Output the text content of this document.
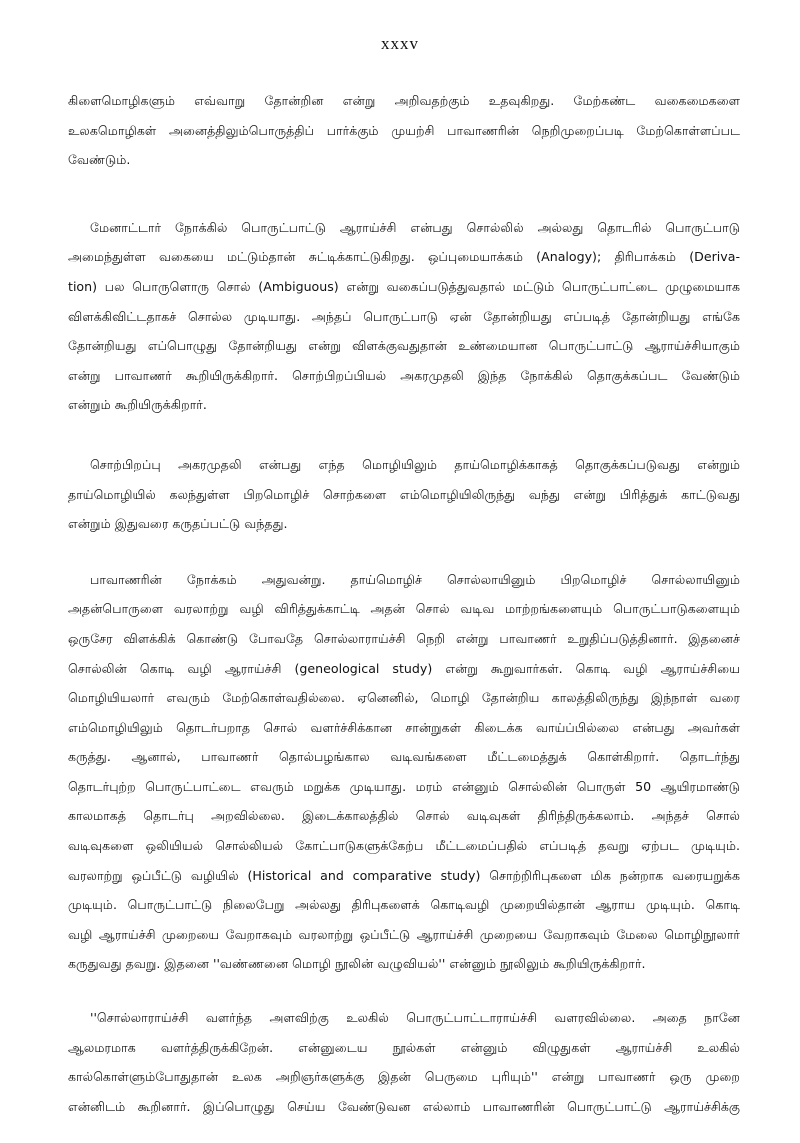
xxxv
கிளைமொழிகளும் எவ்வாறு தோன்றின என்று அறிவதற்கும் உதவுகிறது. மேற்கண்ட வகைமைகளை
உலகமொழிகள் அனைத்திலும்பொருத்திப் பார்க்கும் முயற்சி பாவாணரின் நெறிமுறைப்படி மேற்கொள்ளப்பட
வேண்டும்.
மேனாட்டார் நோக்கில் பொருட்பாட்டு ஆராய்ச்சி என்பது சொல்லில் அல்லது தொடரில் பொருட்பாடு
அமைந்துள்ள வகையை மட்டும்தான் சுட்டிக்காட்டுகிறது. ஒப்புமையாக்கம் (Analogy); திரிபாக்கம் (Deriva-
tion) பல பொருளொரு சொல் (Ambiguous) என்று வகைப்படுத்துவதால் மட்டும் பொருட்பாட்டை முழுமையாக
விளக்கிவிட்டதாகச் சொல்ல முடியாது. அந்தப் பொருட்பாடு ஏன் தோன்றியது எப்படித் தோன்றியது எங்கே
தோன்றியது எப்பொழுது தோன்றியது என்று விளக்குவதுதான் உண்மையான பொருட்பாட்டு ஆராய்ச்சியாகும்
என்று பாவாணர் கூறியிருக்கிறார். சொற்பிறப்பியல் அகரமுதலி இந்த நோக்கில் தொகுக்கப்பட வேண்டும்
என்றும் கூறியிருக்கிறார்.
சொற்பிறப்பு அகரமுதலி என்பது எந்த மொழியிலும் தாய்மொழிக்காகத் தொகுக்கப்படுவது என்றும்
தாய்மொழியில் கலந்துள்ள பிறமொழிச் சொற்களை எம்மொழியிலிருந்து வந்து என்று பிரித்துக் காட்டுவது
என்றும் இதுவரை கருதப்பட்டு வந்தது.
பாவாணரின் நோக்கம் அதுவன்று. தாய்மொழிச் சொல்லாயினும் பிறமொழிச் சொல்லாயினும்
அதன்பொருளை வரலாற்று வழி விரித்துக்காட்டி அதன் சொல் வடிவ மாற்றங்களையும் பொருட்பாடுகளையும்
ஒருசேர விளக்கிக் கொண்டு போவதே சொல்லாராய்ச்சி நெறி என்று பாவாணர் உறுதிப்படுத்தினார். இதனைச்
சொல்லின் கொடி வழி ஆராய்ச்சி (geneological study) என்று கூறுவார்கள். கொடி வழி ஆராய்ச்சியை
மொழியியலார் எவரும் மேற்கொள்வதில்லை. ஏனெனில், மொழி தோன்றிய காலத்திலிருந்து இந்நாள் வரை
எம்மொழியிலும் தொடர்பறாத சொல் வளர்ச்சிக்கான சான்றுகள் கிடைக்க வாய்ப்பில்லை என்பது அவர்கள்
கருத்து. ஆனால், பாவாணர் தொல்பழங்கால வடிவங்களை மீட்டமைத்துக் கொள்கிறார். தொடர்ந்து
தொடர்புற்ற பொருட்பாட்டை எவரும் மறுக்க முடியாது. மரம் என்னும் சொல்லின் பொருள் 50 ஆயிரமாண்டு
காலமாகத் தொடர்பு அறவில்லை. இடைக்காலத்தில் சொல் வடிவுகள் திரிந்திருக்கலாம். அந்தச் சொல்
வடிவுகளை ஒலியியல் சொல்லியல் கோட்பாடுகளுக்கேற்ப மீட்டமைப்பதில் எப்படித் தவறு ஏற்பட முடியும்.
வரலாற்று ஒப்பீட்டு வழியில் (Historical and comparative study) சொற்றிரிபுகளை மிக நன்றாக வரையறுக்க
முடியும். பொருட்பாட்டு நிலைபேறு அல்லது திரிபுகளைக் கொடிவழி முறையில்தான் ஆராய முடியும். கொடி
வழி ஆராய்ச்சி முறையை வேறாகவும் வரலாற்று ஒப்பீட்டு ஆராய்ச்சி முறையை வேறாகவும் மேலை மொழிநூலார்
கருதுவது தவறு. இதனை ''வண்ணனை மொழி நூலின் வழுவியல்'' என்னும் நூலிலும் கூறியிருக்கிறார்.
''சொல்லாராய்ச்சி வளர்ந்த அளவிற்கு உலகில் பொருட்பாட்டாராய்ச்சி வளரவில்லை. அதை நானே
ஆலமரமாக வளர்த்திருக்கிறேன். என்னுடைய நூல்கள் என்னும் விழுதுகள் ஆராய்ச்சி உலகில்
கால்கொள்ளும்போதுதான் உலக அறிஞர்களுக்கு இதன் பெருமை புரியும்'' என்று பாவாணர் ஒரு முறை
என்னிடம் கூறினார். இப்பொழுது செய்ய வேண்டுவன எல்லாம் பாவாணரின் பொருட்பாட்டு ஆராய்ச்சிக்கு
